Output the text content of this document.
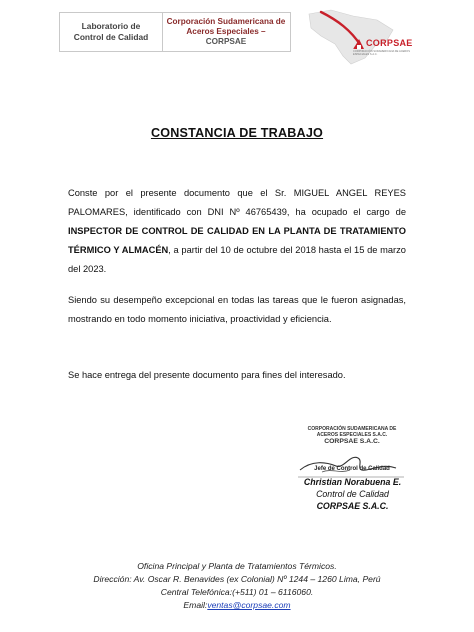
Laboratorio de
Control de Calidad
Corporación Sudamericana de
Aceros Especiales –
CORPSAE	CORPSAE
CORPORACIÓN SUDAMERICANA DE ACEROS ESPECIALES S.A.C.
CONSTANCIA DE TRABAJO
Conste por el presente documento que el Sr. MIGUEL ANGEL REYES PALOMARES, identificado con DNI Nº 46765439, ha ocupado el cargo de INSPECTOR DE CONTROL DE CALIDAD EN LA PLANTA DE TRATAMIENTO TÉRMICO Y ALMACÉN, a partir del 10 de octubre del 2018 hasta el 15 de marzo del 2023.
Siendo su desempeño excepcional en todas las tareas que le fueron asignadas, mostrando en todo momento iniciativa, proactividad y eficiencia.
Se hace entrega del presente documento para fines del interesado.
CORPORACIÓN SUDAMERICANA DE
ACEROS ESPECIALES S.A.C.
CORPSAE S.A.C.
Jefe de Control de Calidad
Christian Norabuena E.
Control de Calidad
CORPSAE S.A.C.
Oficina Principal y Planta de Tratamientos Térmicos.
Dirección: Av. Oscar R. Benavides (ex Colonial) Nº 1244 – 1260 Lima, Perú
Central Telefónica:(+511) 01 – 6116060.
Email:ventas@corpsae.com
